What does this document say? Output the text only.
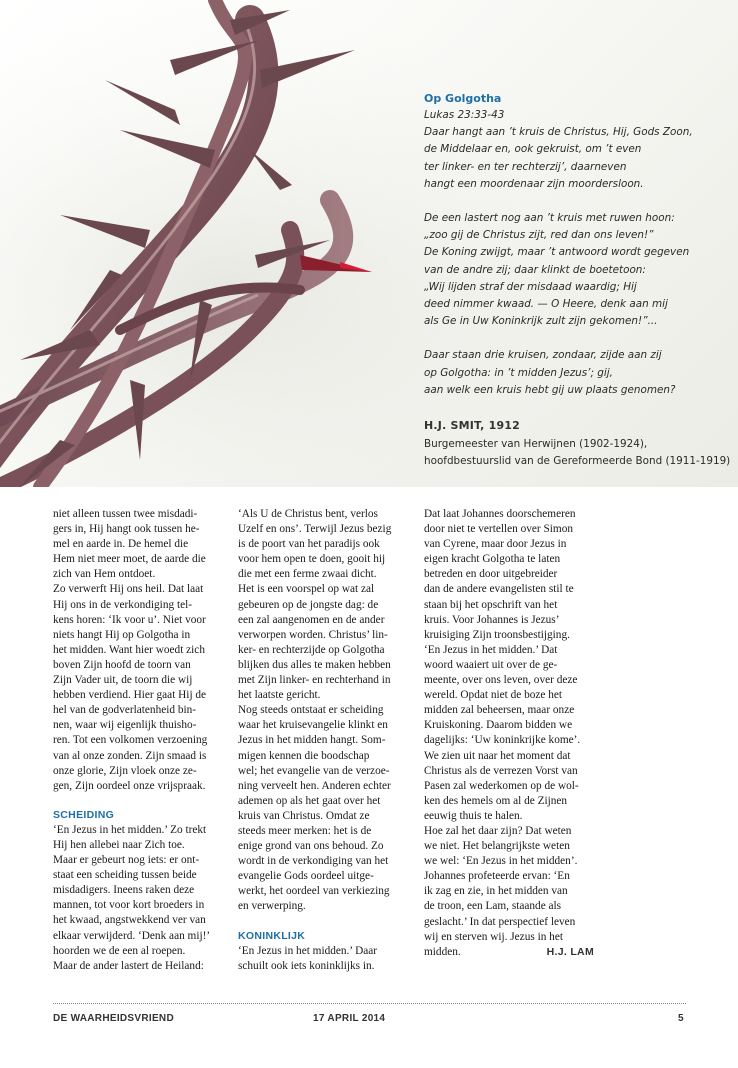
Op Golgotha
Lukas 23:33-43
Daar hangt aan ’t kruis de Christus, Hij, Gods Zoon,
de Middelaar en, ook gekruist, om ’t even
ter linker- en ter rechterzij’, daarneven
hangt een moordenaar zijn moordersloon.
De een lastert nog aan ’t kruis met ruwen hoon:
„zoo gij de Christus zijt, red dan ons leven!”
De Koning zwijgt, maar ’t antwoord wordt gegeven
van de andre zij; daar klinkt de boetetoon:
„Wij lijden straf der misdaad waardig; Hij
deed nimmer kwaad. — O Heere, denk aan mij
als Ge in Uw Koninkrijk zult zijn gekomen!”...
Daar staan drie kruisen, zondaar, zijde aan zij
op Golgotha: in ’t midden Jezus’; gij,
aan welk een kruis hebt gij uw plaats genomen?
H.J. SMIT, 1912
Burgemeester van Herwijnen (1902-1924),
hoofdbestuurslid van de Gereformeerde Bond (1911-1919)
niet alleen tussen twee misdadi-
gers in, Hij hangt ook tussen he-
mel en aarde in. De hemel die
Hem niet meer moet, de aarde die
zich van Hem ontdoet.
Zo verwerft Hij ons heil. Dat laat
Hij ons in de verkondiging tel-
kens horen: ‘Ik voor u’. Niet voor
niets hangt Hij op Golgotha in
het midden. Want hier woedt zich
boven Zijn hoofd de toorn van
Zijn Vader uit, de toorn die wij
hebben verdiend. Hier gaat Hij de
hel van de godverlatenheid bin-
nen, waar wij eigenlijk thuisho-
ren. Tot een volkomen verzoening
van al onze zonden. Zijn smaad is
onze glorie, Zijn vloek onze ze-
gen, Zijn oordeel onze vrijspraak.
SCHEIDING
‘En Jezus in het midden.’ Zo trekt
Hij hen allebei naar Zich toe.
Maar er gebeurt nog iets: er ont-
staat een scheiding tussen beide
misdadigers. Ineens raken deze
mannen, tot voor kort broeders in
het kwaad, angstwekkend ver van
elkaar verwijderd. ‘Denk aan mij!’
hoorden we de een al roepen.
Maar de ander lastert de Heiland:
‘Als U de Christus bent, verlos
Uzelf en ons’. Terwijl Jezus bezig
is de poort van het paradijs ook
voor hem open te doen, gooit hij
die met een ferme zwaai dicht.
Het is een voorspel op wat zal
gebeuren op de jongste dag: de
een zal aangenomen en de ander
verworpen worden. Christus’ lin-
ker- en rechterzijde op Golgotha
blijken dus alles te maken hebben
met Zijn linker- en rechterhand in
het laatste gericht.
Nog steeds ontstaat er scheiding
waar het kruisevangelie klinkt en
Jezus in het midden hangt. Som-
migen kennen die boodschap
wel; het evangelie van de verzoe-
ning verveelt hen. Anderen echter
ademen op als het gaat over het
kruis van Christus. Omdat ze
steeds meer merken: het is de
enige grond van ons behoud. Zo
wordt in de verkondiging van het
evangelie Gods oordeel uitge-
werkt, het oordeel van verkiezing
en verwerping.
KONINKLIJK
‘En Jezus in het midden.’ Daar
schuilt ook iets koninklijks in.
Dat laat Johannes doorschemeren
door niet te vertellen over Simon
van Cyrene, maar door Jezus in
eigen kracht Golgotha te laten
betreden en door uitgebreider
dan de andere evangelisten stil te
staan bij het opschrift van het
kruis. Voor Johannes is Jezus’
kruisiging Zijn troonsbestijging.
‘En Jezus in het midden.’ Dat
woord waaiert uit over de ge-
meente, over ons leven, over deze
wereld. Opdat niet de boze het
midden zal beheersen, maar onze
Kruiskoning. Daarom bidden we
dagelijks: ‘Uw koninkrijke kome’.
We zien uit naar het moment dat
Christus als de verrezen Vorst van
Pasen zal wederkomen op de wol-
ken des hemels om al de Zijnen
eeuwig thuis te halen.
Hoe zal het daar zijn? Dat weten
we niet. Het belangrijkste weten
we wel: ‘En Jezus in het midden’.
Johannes profeteerde ervan: ‘En
ik zag en zie, in het midden van
de troon, een Lam, staande als
geslacht.’ In dat perspectief leven
wij en sterven wij. Jezus in het
midden.	H.J. LAM
DE WAARHEIDSVRIEND	17 APRIL 2014	5
